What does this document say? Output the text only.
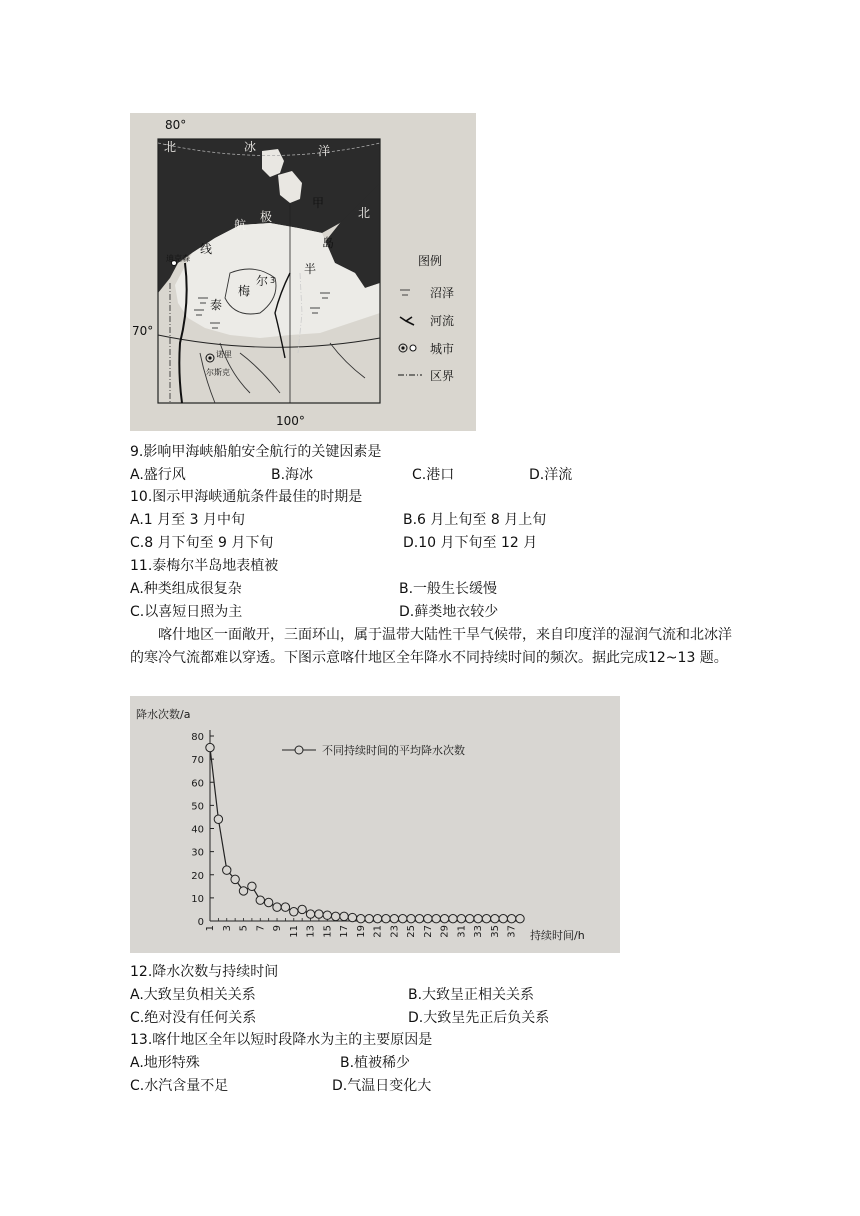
80°
70°
100°
北	冰	洋
甲
北
极
航
线	岛
半
尔 3
梅
泰
迪克森
诺里
尔斯克
图例
沼泽
河流
城市
区界
9.影响甲海峡船舶安全航行的关键因素是
A.盛行风	B.海冰	C.港口	D.洋流
10.图示甲海峡通航条件最佳的时期是
A.1 月至 3 月中旬	B.6 月上旬至 8 月上旬
C.8 月下旬至 9 月下旬	D.10 月下旬至 12 月
11.泰梅尔半岛地表植被
A.种类组成很复杂	B.一般生长缓慢
C.以喜短日照为主	D.藓类地衣较少
喀什地区一面敞开，三面环山，属于温带大陆性干旱气候带，来自印度洋的湿润气流和北冰洋的寒冷气流都难以穿透。下图示意喀什地区全年降水不同持续时间的频次。据此完成12~13 题。
降水次数/a
持续时间/h
不同持续时间的平均降水次数
0
10
20
30
40
50
60
70
80
1 3 5 7 9 11 13 15 17 19 21 23 25 27 29 31 33 35 37
12.降水次数与持续时间
A.大致呈负相关关系	B.大致呈正相关关系
C.绝对没有任何关系	D.大致呈先正后负关系
13.喀什地区全年以短时段降水为主的主要原因是
A.地形特殊	B.植被稀少
C.水汽含量不足	D.气温日变化大
